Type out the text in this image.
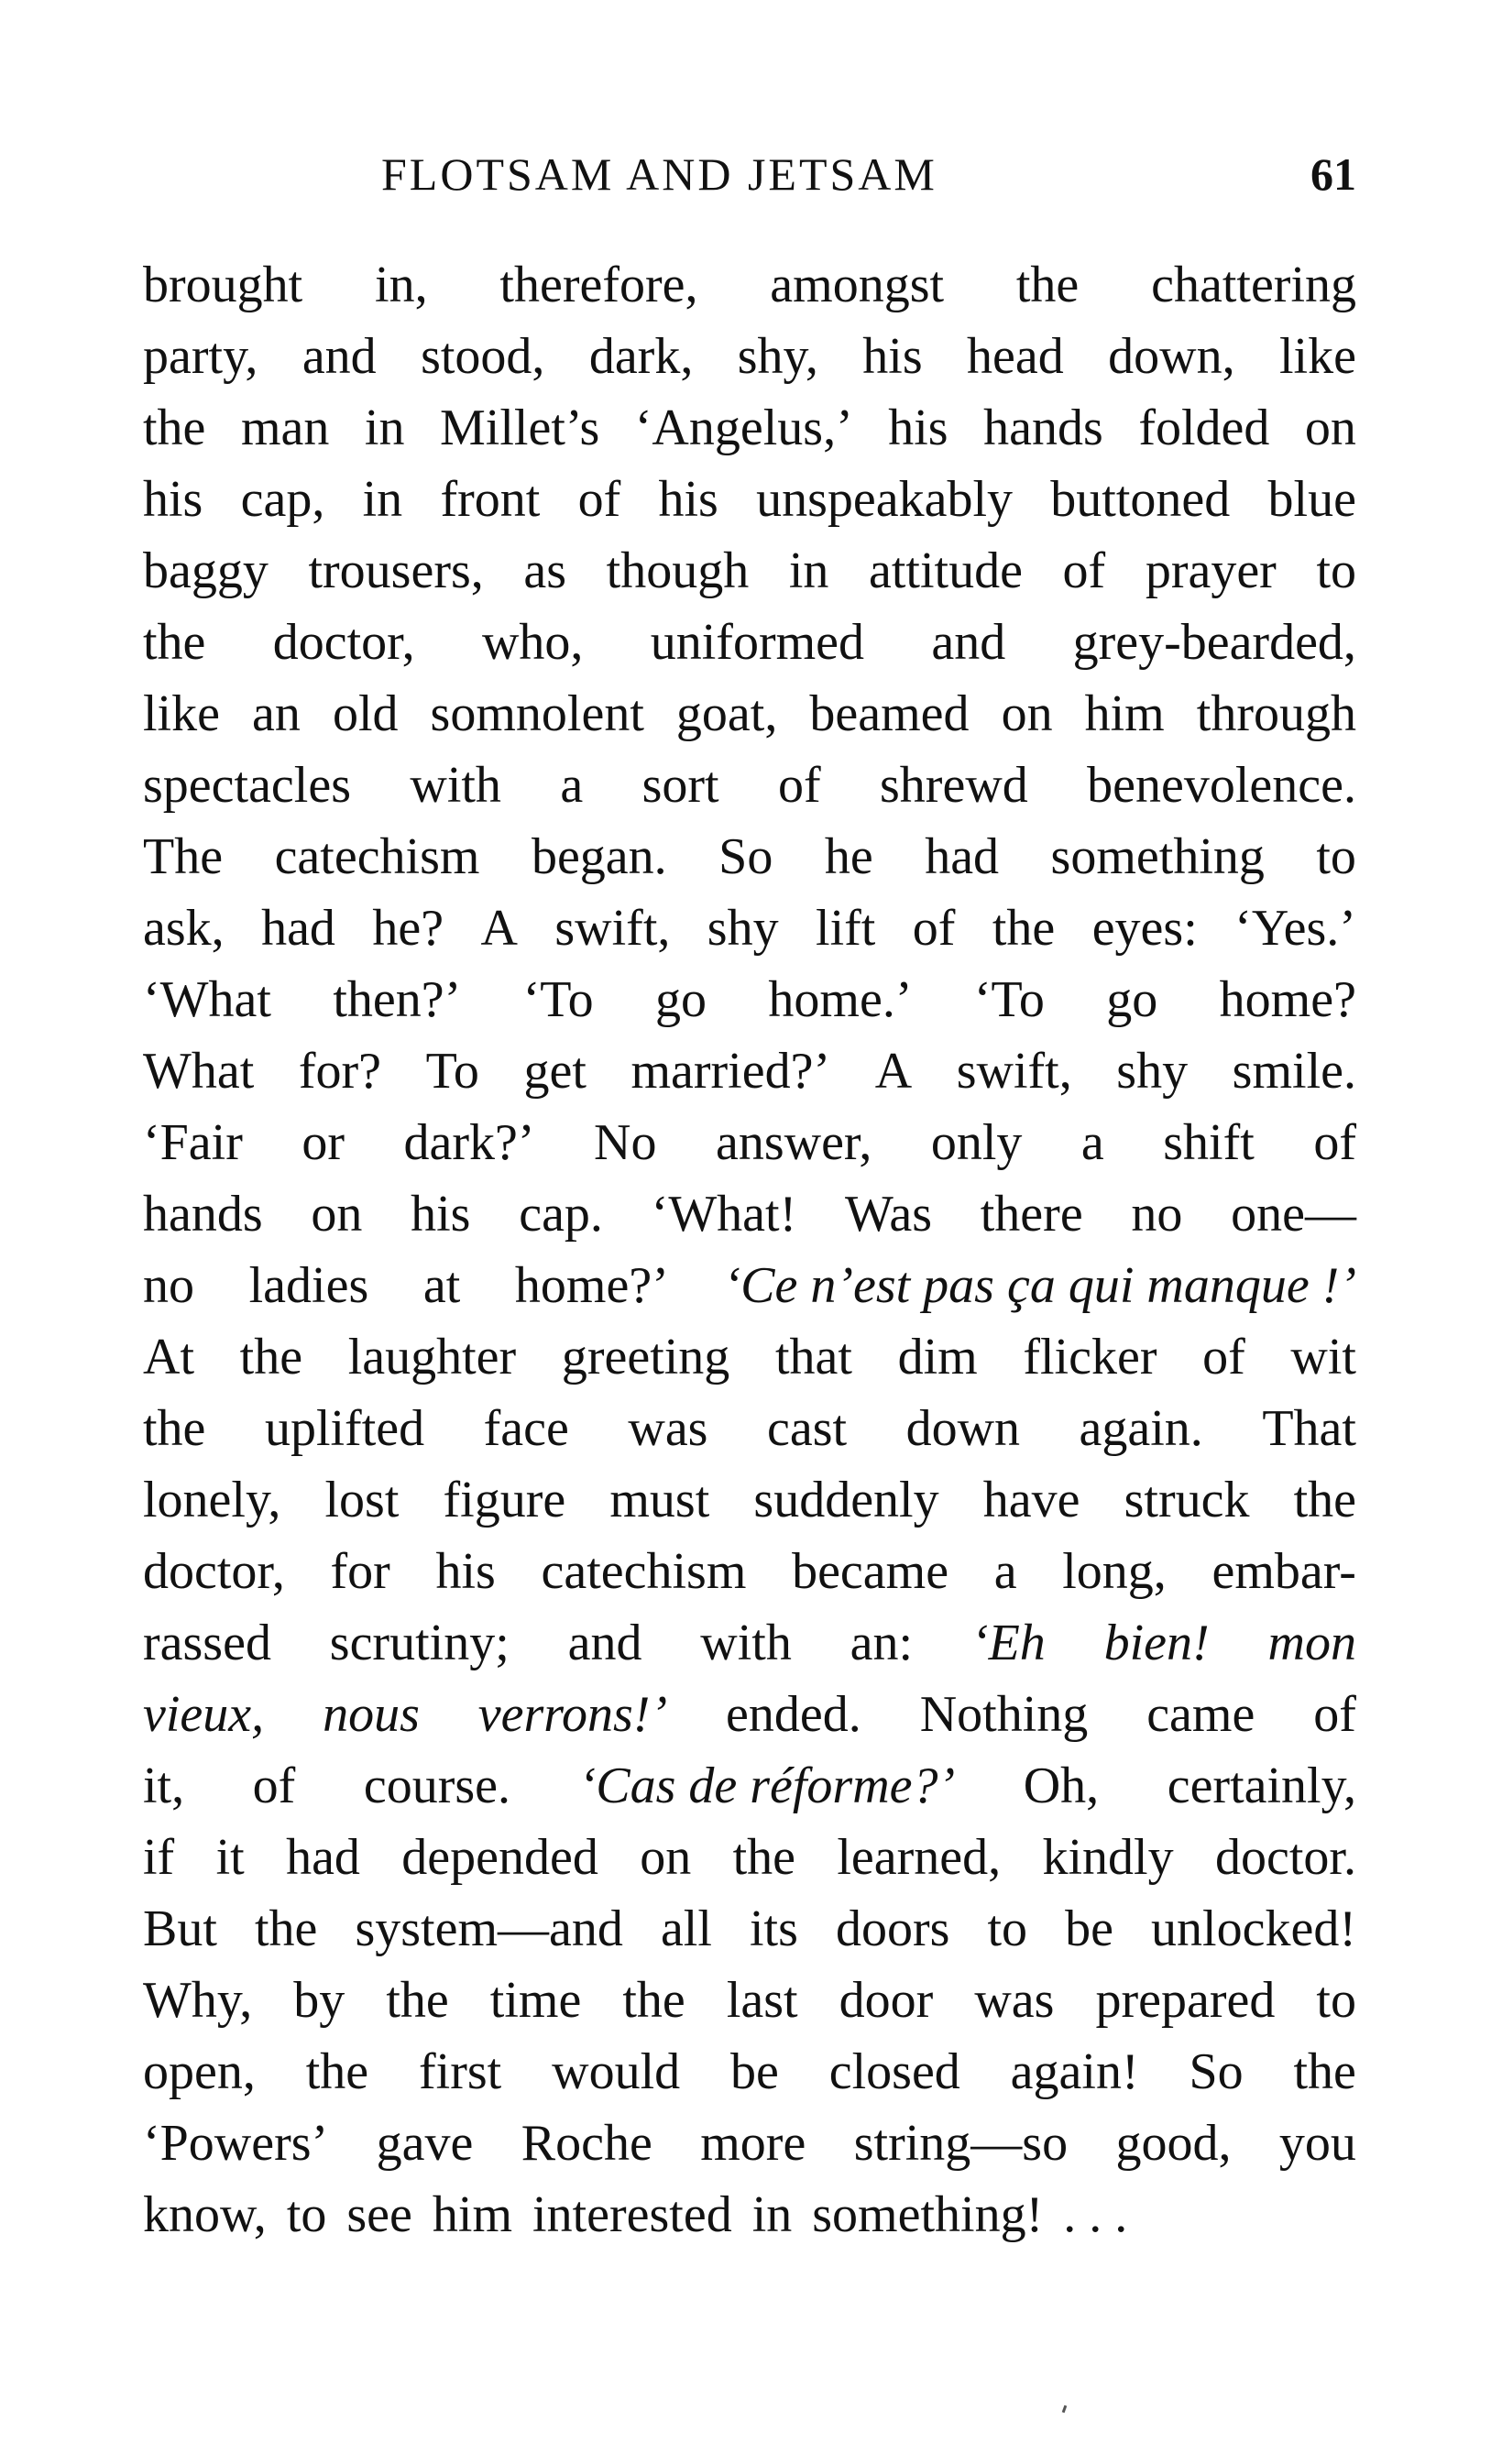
FLOTSAM AND JETSAM	61
brought in, therefore, amongst the chattering
party, and stood, dark, shy, his head down, like
the man in Millet’s ‘Angelus,’ his hands folded on
his cap, in front of his unspeakably buttoned blue
baggy trousers, as though in attitude of prayer to
the doctor, who, uniformed and grey-bearded,
like an old somnolent goat, beamed on him through
spectacles with a sort of shrewd benevolence.
The catechism began. So he had something to
ask, had he? A swift, shy lift of the eyes: ‘Yes.’
‘What then?’ ‘To go home.’ ‘To go home?
What for? To get married?’ A swift, shy smile.
‘Fair or dark?’ No answer, only a shift of
hands on his cap. ‘What! Was there no one—
no ladies at home?’ ‘Ce n’est pas ça qui manque !’
At the laughter greeting that dim flicker of wit
the uplifted face was cast down again. That
lonely, lost figure must suddenly have struck the
doctor, for his catechism became a long, embar-
rassed scrutiny; and with an: ‘Eh bien! mon
vieux, nous verrons!’ ended. Nothing came of
it, of course. ‘Cas de réforme?’ Oh, certainly,
if it had depended on the learned, kindly doctor.
But the system—and all its doors to be unlocked!
Why, by the time the last door was prepared to
open, the first would be closed again! So the
‘Powers’ gave Roche more string—so good, you
know, to see him interested in something! . . .
